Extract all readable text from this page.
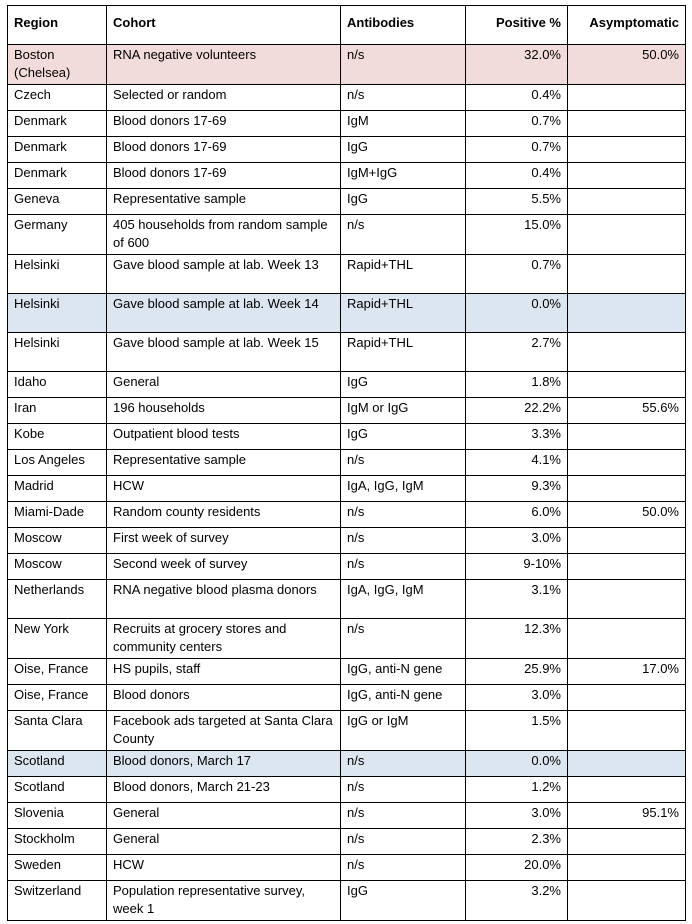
Region	Cohort	Antibodies	Positive %	Asymptomatic
Boston (Chelsea)	RNA negative volunteers	n/s	32.0%	50.0%
Czech	Selected or random	n/s	0.4%	
Denmark	Blood donors 17-69	IgM	0.7%	
Denmark	Blood donors 17-69	IgG	0.7%	
Denmark	Blood donors 17-69	IgM+IgG	0.4%	
Geneva	Representative sample	IgG	5.5%	
Germany	405 households from random sample of 600	n/s	15.0%	
Helsinki	Gave blood sample at lab. Week 13	Rapid+THL	0.7%	
Helsinki	Gave blood sample at lab. Week 14	Rapid+THL	0.0%	
Helsinki	Gave blood sample at lab. Week 15	Rapid+THL	2.7%	
Idaho	General	IgG	1.8%	
Iran	196 households	IgM or IgG	22.2%	55.6%
Kobe	Outpatient blood tests	IgG	3.3%	
Los Angeles	Representative sample	n/s	4.1%	
Madrid	HCW	IgA, IgG, IgM	9.3%	
Miami-Dade	Random county residents	n/s	6.0%	50.0%
Moscow	First week of survey	n/s	3.0%	
Moscow	Second week of survey	n/s	9-10%	
Netherlands	RNA negative blood plasma donors	IgA, IgG, IgM	3.1%	
New York	Recruits at grocery stores and community centers	n/s	12.3%	
Oise, France	HS pupils, staff	IgG, anti-N gene	25.9%	17.0%
Oise, France	Blood donors	IgG, anti-N gene	3.0%	
Santa Clara	Facebook ads targeted at Santa Clara County	IgG or IgM	1.5%	
Scotland	Blood donors, March 17	n/s	0.0%	
Scotland	Blood donors, March 21-23	n/s	1.2%	
Slovenia	General	n/s	3.0%	95.1%
Stockholm	General	n/s	2.3%	
Sweden	HCW	n/s	20.0%	
Switzerland	Population representative survey, week 1	IgG	3.2%	
